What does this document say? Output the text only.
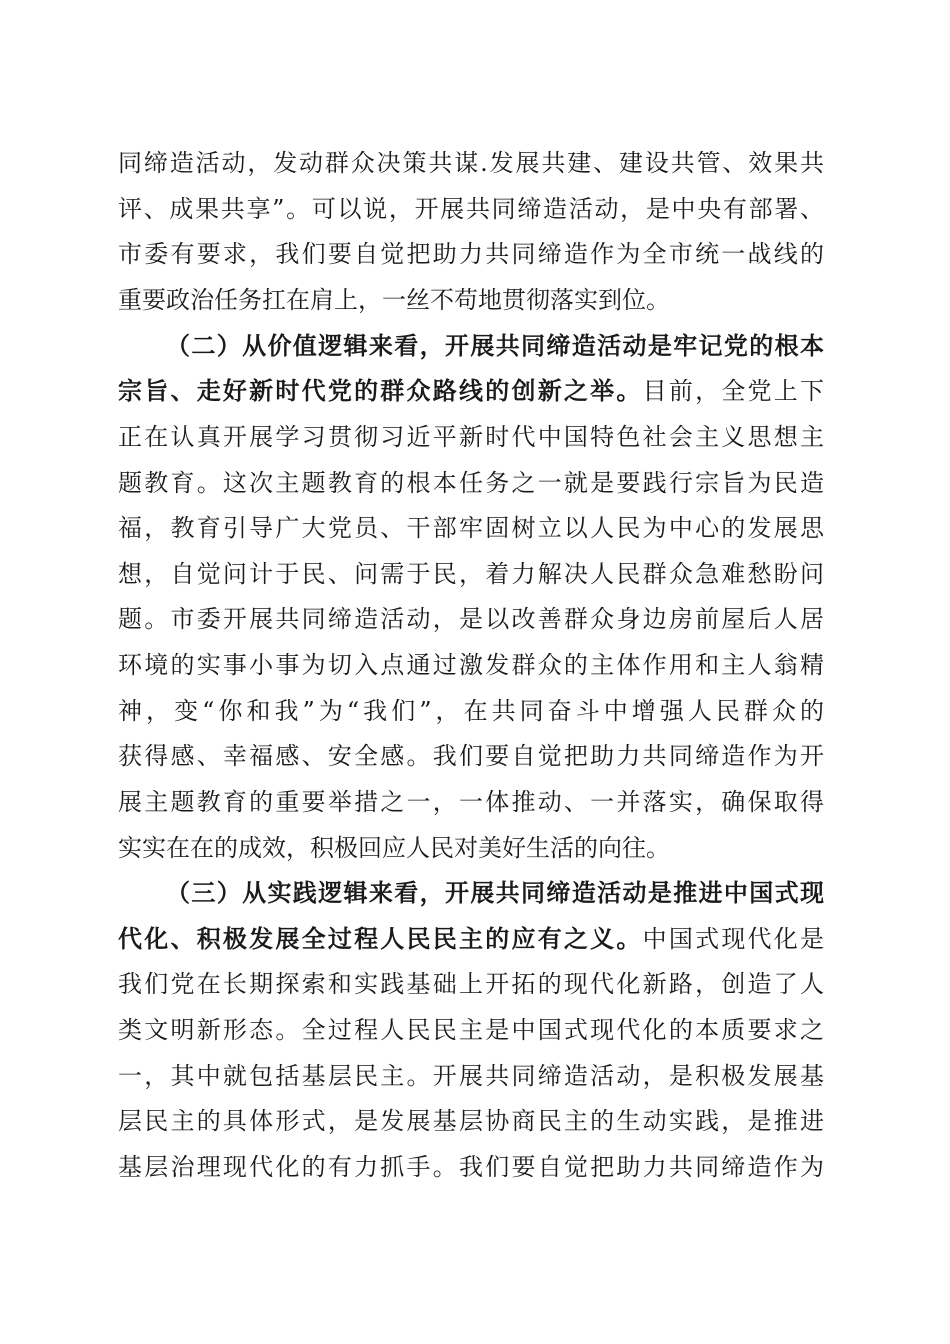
同缔造活动，发动群众决策共谋.发展共建、建设共管、效果共
评、成果共享”。可以说，开展共同缔造活动，是中央有部署、
市委有要求，我们要自觉把助力共同缔造作为全市统一战线的
重要政治任务扛在肩上，一丝不苟地贯彻落实到位。
（二）从价值逻辑来看，开展共同缔造活动是牢记党的根本
宗旨、走好新时代党的群众路线的创新之举。目前，全党上下
正在认真开展学习贯彻习近平新时代中国特色社会主义思想主
题教育。这次主题教育的根本任务之一就是要践行宗旨为民造
福，教育引导广大党员、干部牢固树立以人民为中心的发展思
想，自觉问计于民、问需于民，着力解决人民群众急难愁盼问
题。市委开展共同缔造活动，是以改善群众身边房前屋后人居
环境的实事小事为切入点通过激发群众的主体作用和主人翁精
神，变“你和我”为“我们”，在共同奋斗中增强人民群众的
获得感、幸福感、安全感。我们要自觉把助力共同缔造作为开
展主题教育的重要举措之一，一体推动、一并落实，确保取得
实实在在的成效，积极回应人民对美好生活的向往。
（三）从实践逻辑来看，开展共同缔造活动是推进中国式现
代化、积极发展全过程人民民主的应有之义。中国式现代化是
我们党在长期探索和实践基础上开拓的现代化新路，创造了人
类文明新形态。全过程人民民主是中国式现代化的本质要求之
一，其中就包括基层民主。开展共同缔造活动，是积极发展基
层民主的具体形式，是发展基层协商民主的生动实践，是推进
基层治理现代化的有力抓手。我们要自觉把助力共同缔造作为
